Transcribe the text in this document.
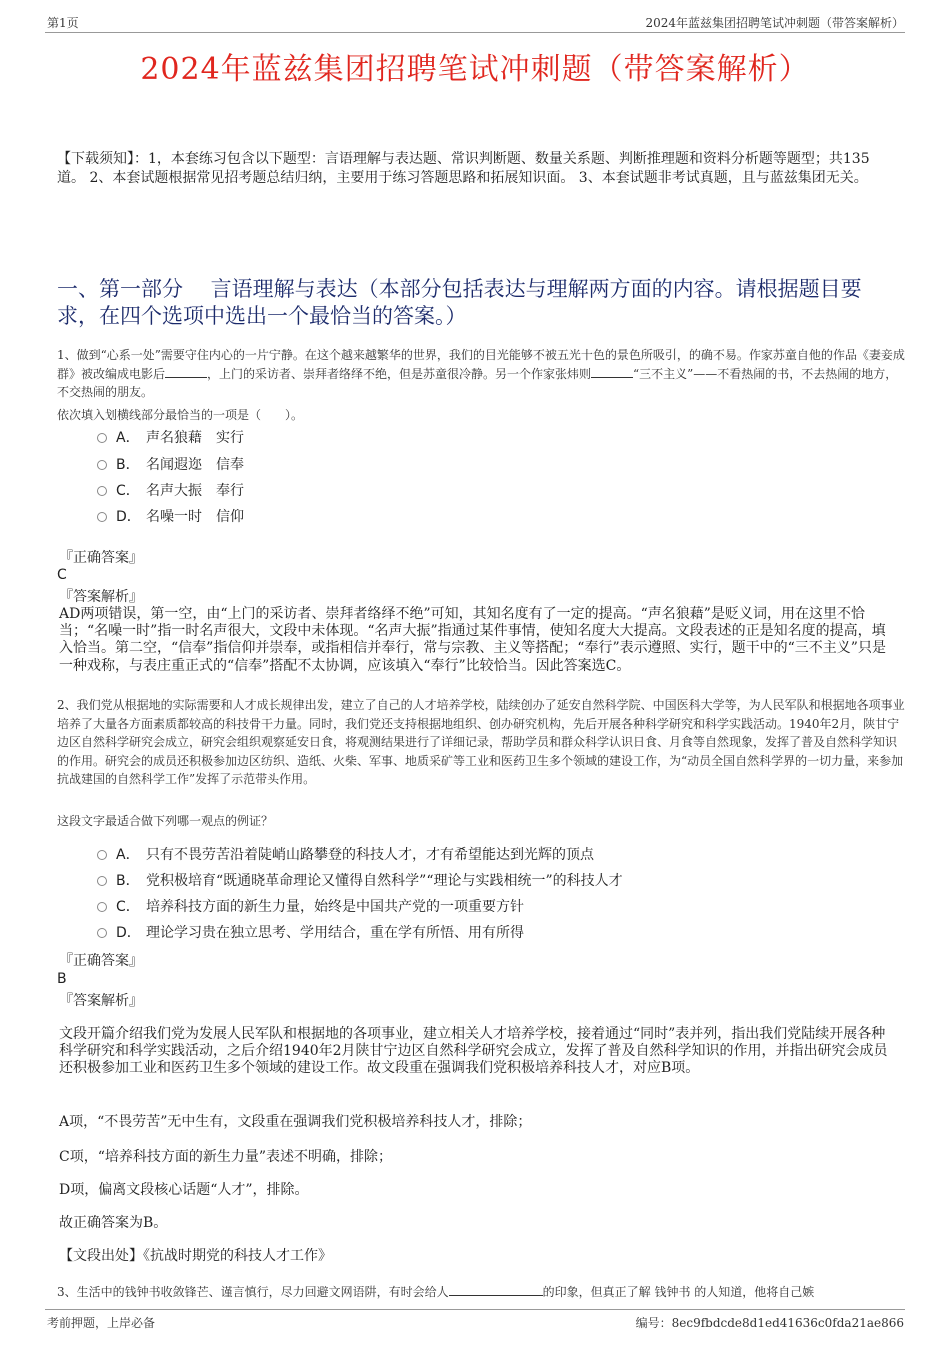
第1页	2024年蓝兹集团招聘笔试冲刺题（带答案解析）
2024年蓝兹集团招聘笔试冲刺题（带答案解析）
【下载须知】：1，本套练习包含以下题型：言语理解与表达题、常识判断题、数量关系题、判断推理题和资料分析题等题型；共135道。 2、本套试题根据常见招考题总结归纳，主要用于练习答题思路和拓展知识面。 3、本套试题非考试真题，且与蓝兹集团无关。
一、第一部分　 言语理解与表达（本部分包括表达与理解两方面的内容。请根据题目要求，在四个选项中选出一个最恰当的答案。）
1、做到“心系一处”需要守住内心的一片宁静。在这个越来越繁华的世界，我们的目光能够不被五光十色的景色所吸引，的确不易。作家苏童自他的作品《妻妾成群》被改编成电影后	，上门的采访者、崇拜者络绎不绝，但是苏童很冷静。另一个作家张炜则	“三不主义”——不看热闹的书，不去热闹的地方，不交热闹的朋友。
依次填入划横线部分最恰当的一项是（　　）。
A． 声名狼藉　实行
B． 名闻遐迩　信奉
C． 名声大振　奉行
D． 名噪一时　信仰
『正确答案』
C
『答案解析』
AD两项错误，第一空，由“上门的采访者、崇拜者络绎不绝”可知，其知名度有了一定的提高。“声名狼藉”是贬义词，用在这里不恰当；“名噪一时”指一时名声很大，文段中未体现。“名声大振”指通过某件事情，使知名度大大提高。文段表述的正是知名度的提高，填入恰当。第二空，“信奉”指信仰并崇奉，或指相信并奉行，常与宗教、主义等搭配；“奉行”表示遵照、实行，题干中的“三不主义”只是一种戏称，与表庄重正式的“信奉”搭配不太协调，应该填入“奉行”比较恰当。因此答案选C。
2、我们党从根据地的实际需要和人才成长规律出发，建立了自己的人才培养学校，陆续创办了延安自然科学院、中国医科大学等，为人民军队和根据地各项事业培养了大量各方面素质都较高的科技骨干力量。同时，我们党还支持根据地组织、创办研究机构，先后开展各种科学研究和科学实践活动。1940年2月，陕甘宁边区自然科学研究会成立，研究会组织观察延安日食，将观测结果进行了详细记录，帮助学员和群众科学认识日食、月食等自然现象，发挥了普及自然科学知识的作用。研究会的成员还积极参加边区纺织、造纸、火柴、军事、地质采矿等工业和医药卫生多个领域的建设工作，为“动员全国自然科学界的一切力量，来参加抗战建国的自然科学工作”发挥了示范带头作用。
这段文字最适合做下列哪一观点的例证？
A． 只有不畏劳苦沿着陡峭山路攀登的科技人才，才有希望能达到光辉的顶点
B． 党积极培育“既通晓革命理论又懂得自然科学”“理论与实践相统一”的科技人才
C． 培养科技方面的新生力量，始终是中国共产党的一项重要方针
D． 理论学习贵在独立思考、学用结合，重在学有所悟、用有所得
『正确答案』
B
『答案解析』
文段开篇介绍我们党为发展人民军队和根据地的各项事业，建立相关人才培养学校，接着通过“同时”表并列，指出我们党陆续开展各种科学研究和科学实践活动，之后介绍1940年2月陕甘宁边区自然科学研究会成立，发挥了普及自然科学知识的作用，并指出研究会成员还积极参加工业和医药卫生多个领域的建设工作。故文段重在强调我们党积极培养科技人才，对应B项。
A项，“不畏劳苦”无中生有，文段重在强调我们党积极培养科技人才，排除；
C项，“培养科技方面的新生力量”表述不明确，排除；
D项，偏离文段核心话题“人才”，排除。
故正确答案为B。
【文段出处】《抗战时期党的科技人才工作》
3、生活中的钱钟书收敛锋芒、谨言慎行，尽力回避文网语阱，有时会给人	的印象，但真正了解 钱钟书 的人知道，他将自己嫉
考前押题，上岸必备	编号：8ec9fbdcde8d1ed41636c0fda21ae866
